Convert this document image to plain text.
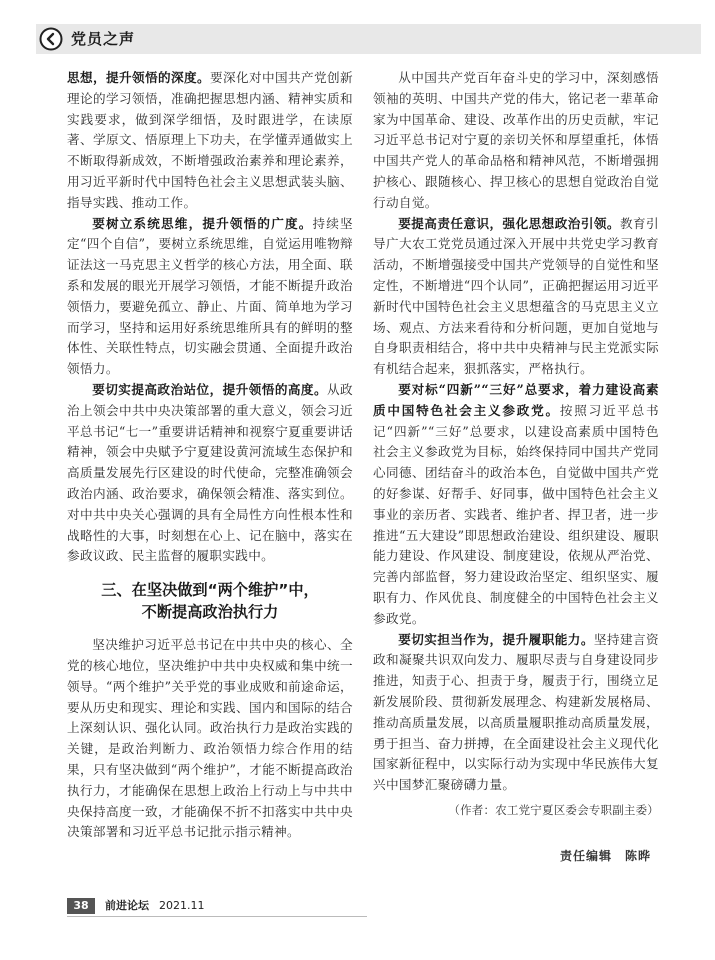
党员之声

思想，提升领悟的深度。要深化对中国共产党创新理论的学习领悟，准确把握思想内涵、精神实质和实践要求，做到深学细悟，及时跟进学，在读原著、学原文、悟原理上下功夫，在学懂弄通做实上不断取得新成效，不断增强政治素养和理论素养，用习近平新时代中国特色社会主义思想武装头脑、指导实践、推动工作。

要树立系统思维，提升领悟的广度。持续坚定“四个自信”，要树立系统思维，自觉运用唯物辩证法这一马克思主义哲学的核心方法，用全面、联系和发展的眼光开展学习领悟，才能不断提升政治领悟力，要避免孤立、静止、片面、简单地为学习而学习，坚持和运用好系统思维所具有的鲜明的整体性、关联性特点，切实融会贯通、全面提升政治领悟力。

要切实提高政治站位，提升领悟的高度。从政治上领会中共中央决策部署的重大意义，领会习近平总书记“七一”重要讲话精神和视察宁夏重要讲话精神，领会中央赋予宁夏建设黄河流域生态保护和高质量发展先行区建设的时代使命，完整准确领会政治内涵、政治要求，确保领会精准、落实到位。对中共中央关心强调的具有全局性方向性根本性和战略性的大事，时刻想在心上、记在脑中，落实在参政议政、民主监督的履职实践中。

三、在坚决做到“两个维护”中，
不断提高政治执行力

坚决维护习近平总书记在中共中央的核心、全党的核心地位，坚决维护中共中央权威和集中统一领导。“两个维护”关乎党的事业成败和前途命运，要从历史和现实、理论和实践、国内和国际的结合上深刻认识、强化认同。政治执行力是政治实践的关键，是政治判断力、政治领悟力综合作用的结果，只有坚决做到“两个维护”，才能不断提高政治执行力，才能确保在思想上政治上行动上与中共中央保持高度一致，才能确保不折不扣落实中共中央决策部署和习近平总书记批示指示精神。

从中国共产党百年奋斗史的学习中，深刻感悟领袖的英明、中国共产党的伟大，铭记老一辈革命家为中国革命、建设、改革作出的历史贡献，牢记习近平总书记对宁夏的亲切关怀和厚望重托，体悟中国共产党人的革命品格和精神风范，不断增强拥护核心、跟随核心、捍卫核心的思想自觉政治自觉行动自觉。

要提高责任意识，强化思想政治引领。教育引导广大农工党党员通过深入开展中共党史学习教育活动，不断增强接受中国共产党领导的自觉性和坚定性，不断增进“四个认同”，正确把握运用习近平新时代中国特色社会主义思想蕴含的马克思主义立场、观点、方法来看待和分析问题，更加自觉地与自身职责相结合，将中共中央精神与民主党派实际有机结合起来，狠抓落实，严格执行。

要对标“四新”“三好”总要求，着力建设高素质中国特色社会主义参政党。按照习近平总书记“四新”“三好”总要求，以建设高素质中国特色社会主义参政党为目标，始终保持同中国共产党同心同德、团结奋斗的政治本色，自觉做中国共产党的好参谋、好帮手、好同事，做中国特色社会主义事业的亲历者、实践者、维护者、捍卫者，进一步推进“五大建设”即思想政治建设、组织建设、履职能力建设、作风建设、制度建设，依规从严治党、完善内部监督，努力建设政治坚定、组织坚实、履职有力、作风优良、制度健全的中国特色社会主义参政党。

要切实担当作为，提升履职能力。坚持建言资政和凝聚共识双向发力、履职尽责与自身建设同步推进，知责于心、担责于身，履责于行，围绕立足新发展阶段、贯彻新发展理念、构建新发展格局、推动高质量发展，以高质量履职推动高质量发展，勇于担当、奋力拼搏，在全面建设社会主义现代化国家新征程中，以实际行动为实现中华民族伟大复兴中国梦汇聚磅礴力量。

（作者：农工党宁夏区委会专职副主委）

责任编辑　陈晔

38	前进论坛 2021.11
